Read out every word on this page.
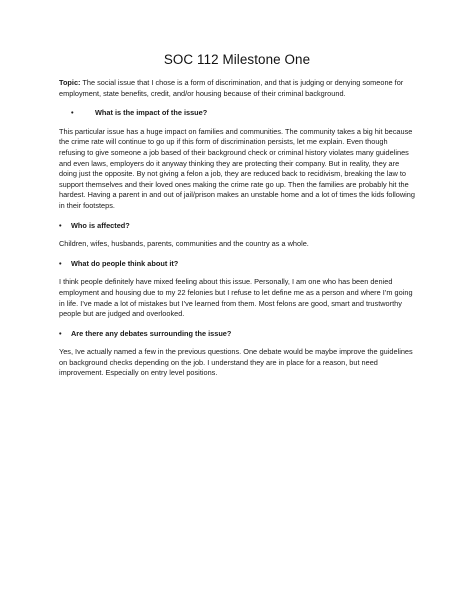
SOC 112 Milestone One

Topic: The social issue that I chose is a form of discrimination, and that is judging or denying someone for employment, state benefits, credit, and/or housing because of their criminal background.

•	What is the impact of the issue?

This particular issue has a huge impact on families and communities. The community takes a big hit because the crime rate will continue to go up if this form of discrimination persists, let me explain. Even though refusing to give someone a job based of their background check or criminal history violates many guidelines and even laws, employers do it anyway thinking they are protecting their company. But in reality, they are doing just the opposite. By not giving a felon a job, they are reduced back to recidivism, breaking the law to support themselves and their loved ones making the crime rate go up. Then the families are probably hit the hardest. Having a parent in and out of jail/prison makes an unstable home and a lot of times the kids following in their footsteps.

• Who is affected?

Children, wifes, husbands, parents, communities and the country as a whole.

• What do people think about it?

I think people definitely have mixed feeling about this issue. Personally, I am one who has been denied employment and housing due to my 22 felonies but I refuse to let define me as a person and where I’m going in life. I’ve made a lot of mistakes but I’ve learned from them. Most felons are good, smart and trustworthy people but are judged and overlooked.

• Are there any debates surrounding the issue?

Yes, Ive actually named a few in the previous questions. One debate would be maybe improve the guidelines on background checks depending on the job. I understand they are in place for a reason, but need improvement. Especially on entry level positions.
